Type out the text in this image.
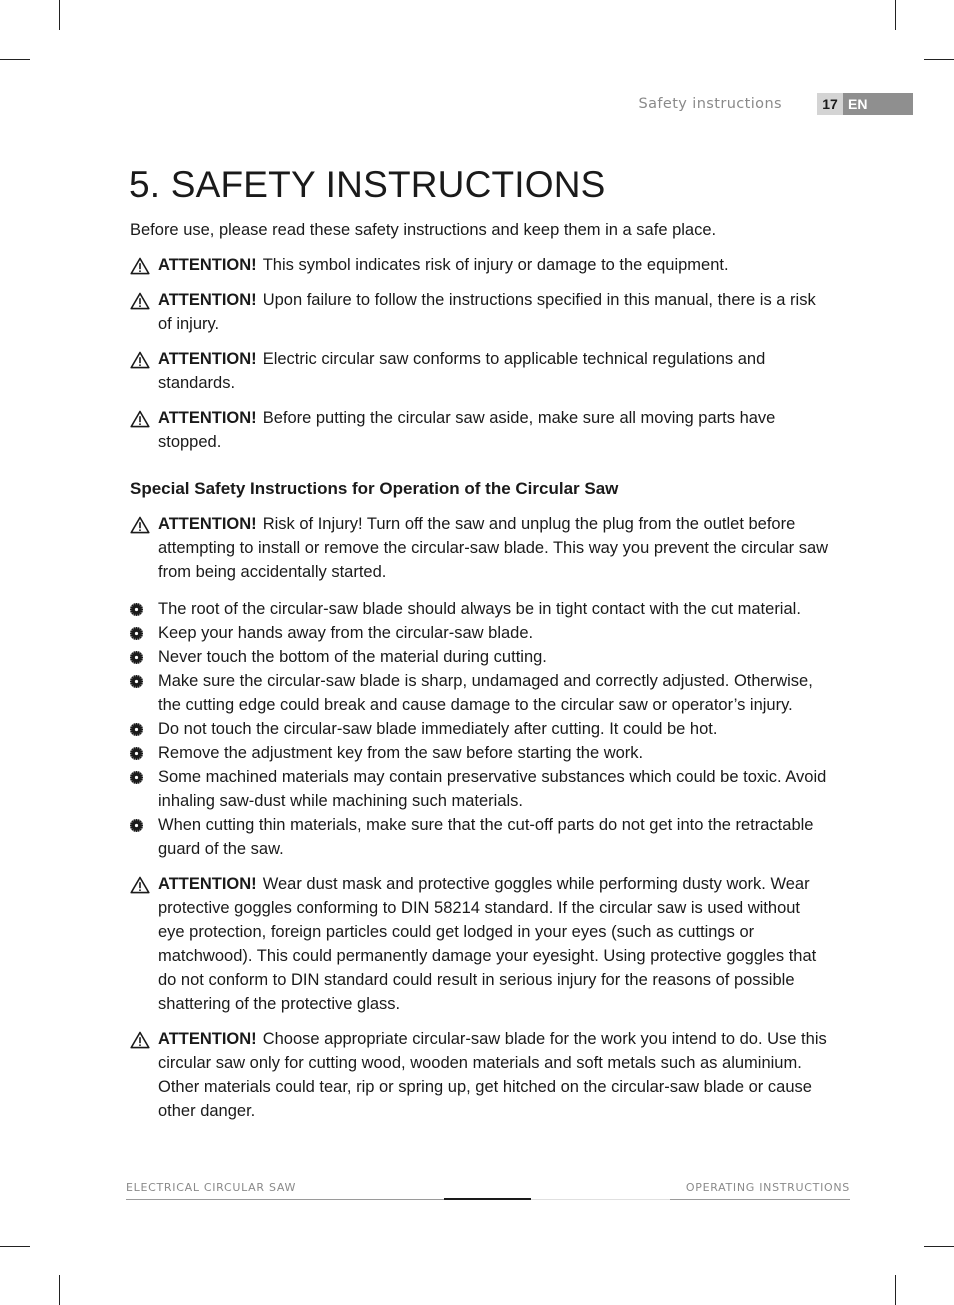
Safety instructions	17 EN
5. SAFETY INSTRUCTIONS

Before use, please read these safety instructions and keep them in a safe place.

ATTENTION! This symbol indicates risk of injury or damage to the equipment.
ATTENTION! Upon failure to follow the instructions specified in this manual, there is a risk of injury.
ATTENTION! Electric circular saw conforms to applicable technical regulations and standards.
ATTENTION! Before putting the circular saw aside, make sure all moving parts have stopped.
Special Safety Instructions for Operation of the Circular Saw
ATTENTION! Risk of Injury! Turn off the saw and unplug the plug from the outlet before attempting to install or remove the circular-saw blade. This way you prevent the circular saw from being accidentally started.
The root of the circular-saw blade should always be in tight contact with the cut material.
Keep your hands away from the circular-saw blade.
Never touch the bottom of the material during cutting.
Make sure the circular-saw blade is sharp, undamaged and correctly adjusted. Otherwise, the cutting edge could break and cause damage to the circular saw or operator’s injury.
Do not touch the circular-saw blade immediately after cutting. It could be hot.
Remove the adjustment key from the saw before starting the work.
Some machined materials may contain preservative substances which could be toxic. Avoid inhaling saw-dust while machining such materials.
When cutting thin materials, make sure that the cut-off parts do not get into the retractable guard of the saw.
ATTENTION! Wear dust mask and protective goggles while performing dusty work. Wear protective goggles conforming to DIN 58214 standard. If the circular saw is used without eye protection, foreign particles could get lodged in your eyes (such as cuttings or matchwood). This could permanently damage your eyesight. Using protective goggles that do not conform to DIN standard could result in serious injury for the reasons of possible shattering of the protective glass.
ATTENTION! Choose appropriate circular-saw blade for the work you intend to do. Use this circular saw only for cutting wood, wooden materials and soft metals such as aluminium. Other materials could tear, rip or spring up, get hitched on the circular-saw blade or cause other danger.
ELECTRICAL CIRCULAR SAW	OPERATING INSTRUCTIONS
